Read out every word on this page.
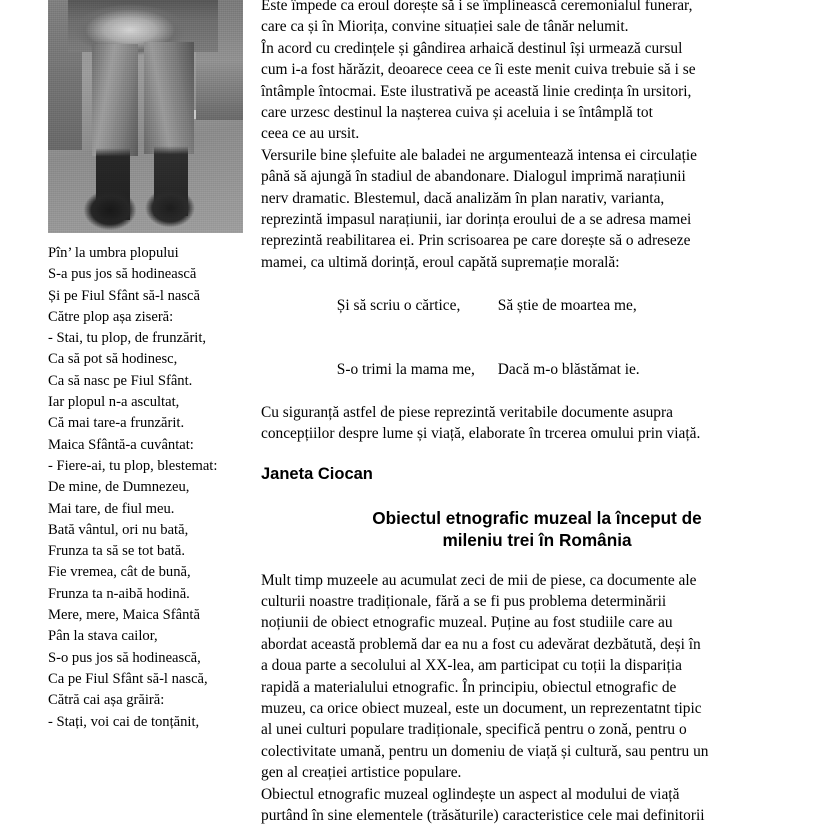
Pîn’ la umbra plopului
S-a pus jos să hodinească
Și pe Fiul Sfânt să-l nască
Către plop așa ziseră:
- Stai, tu plop, de frunzărit,
Ca să pot să hodinesc,
Ca să nasc pe Fiul Sfânt.
Iar plopul n-a ascultat,
Că mai tare-a frunzărit.
Maica Sfântă-a cuvântat:
- Fiere-ai, tu plop, blestemat:
De mine, de Dumnezeu,
Mai tare, de fiul meu.
Bată vântul, ori nu bată,
Frunza ta să se tot bată.
Fie vremea, cât de bună,
Frunza ta n-aibă hodină.
Mere, mere, Maica Sfântă
Pân la stava cailor,
S-o pus jos să hodinească,
Ca pe Fiul Sfânt să-l nască,
Cătră cai așa grăiră:
- Stați, voi cai de tonțănit,

Este împede ca eroul dorește să i se împlinească ceremonialul funerar,
care ca și în Miorița, convine situației sale de tânăr nelumit.
În acord cu credințele și gândirea arhaică destinul își urmează cursul
cum i-a fost hărăzit, deoarece ceea ce îi este menit cuiva trebuie să i se
întâmple întocmai. Este ilustrativă pe această linie credința în ursitori,
care urzesc destinul la nașterea cuiva și aceluia i se întâmplă tot
ceea ce au ursit.

Versurile bine șlefuite ale baladei ne argumentează intensa ei circulație
până să ajungă în stadiul de abandonare. Dialogul imprimă narațiunii
nerv dramatic. Blestemul, dacă analizăm în plan narativ, varianta,
reprezintă impasul narațiunii, iar dorința eroului de a se adresa mamei
reprezintă reabilitarea ei. Prin scrisoarea pe care dorește să o adreseze
mamei, ca ultimă dorință, eroul capătă supremație morală:

Și să scriu o cărtice, Să știe de moartea me,

S-o trimi la mama me, Dacă m-o blăstămat ie.

Cu siguranță astfel de piese reprezintă veritabile documente asupra
concepțiilor despre lume și viață, elaborate în trcerea omului prin viață.

Janeta Ciocan
Obiectul etnografic muzeal la început de
mileniu trei în România

Mult timp muzeele au acumulat zeci de mii de piese, ca documente ale
culturii noastre tradiționale, fără a se fi pus problema determinării
noțiunii de obiect etnografic muzeal. Puține au fost studiile care au
abordat această problemă dar ea nu a fost cu adevărat dezbătută, deși în
a doua parte a secolului al XX-lea, am participat cu toții la dispariția
rapidă a materialului etnografic. În principiu, obiectul etnografic de
muzeu, ca orice obiect muzeal, este un document, un reprezentatnt tipic
al unei culturi populare tradiționale, specifică pentru o zonă, pentru o
colectivitate umană, pentru un domeniu de viață și cultură, sau pentru un
gen al creației artistice populare.

Obiectul etnografic muzeal oglindește un aspect al modului de viață
purtând în sine elementele (trăsăturile) caracteristice cele mai definitorii
